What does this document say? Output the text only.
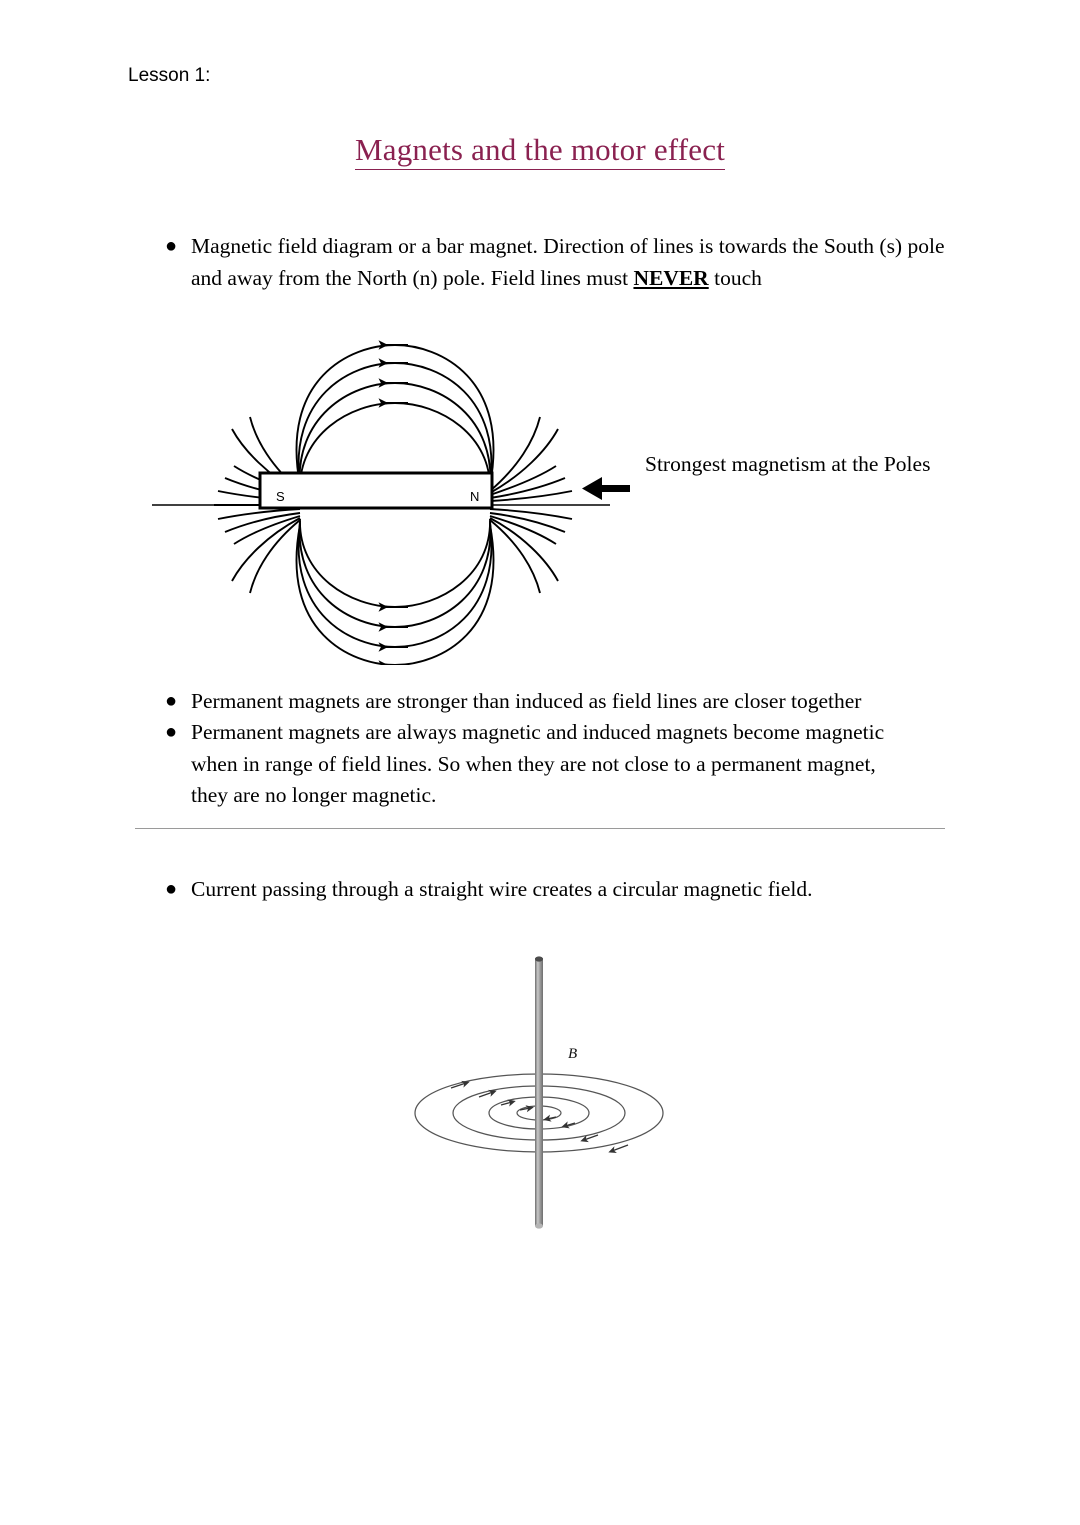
Lesson 1:
Magnets and the motor effect
● Magnetic field diagram or a bar magnet. Direction of lines is towards the South (s) pole and away from the North (n) pole. Field lines must NEVER touch
S	N
Strongest magnetism at the Poles
● Permanent magnets are stronger than induced as field lines are closer together
● Permanent magnets are always magnetic and induced magnets become magnetic when in range of field lines. So when they are not close to a permanent magnet, they are no longer magnetic.
● Current passing through a straight wire creates a circular magnetic field.
B
